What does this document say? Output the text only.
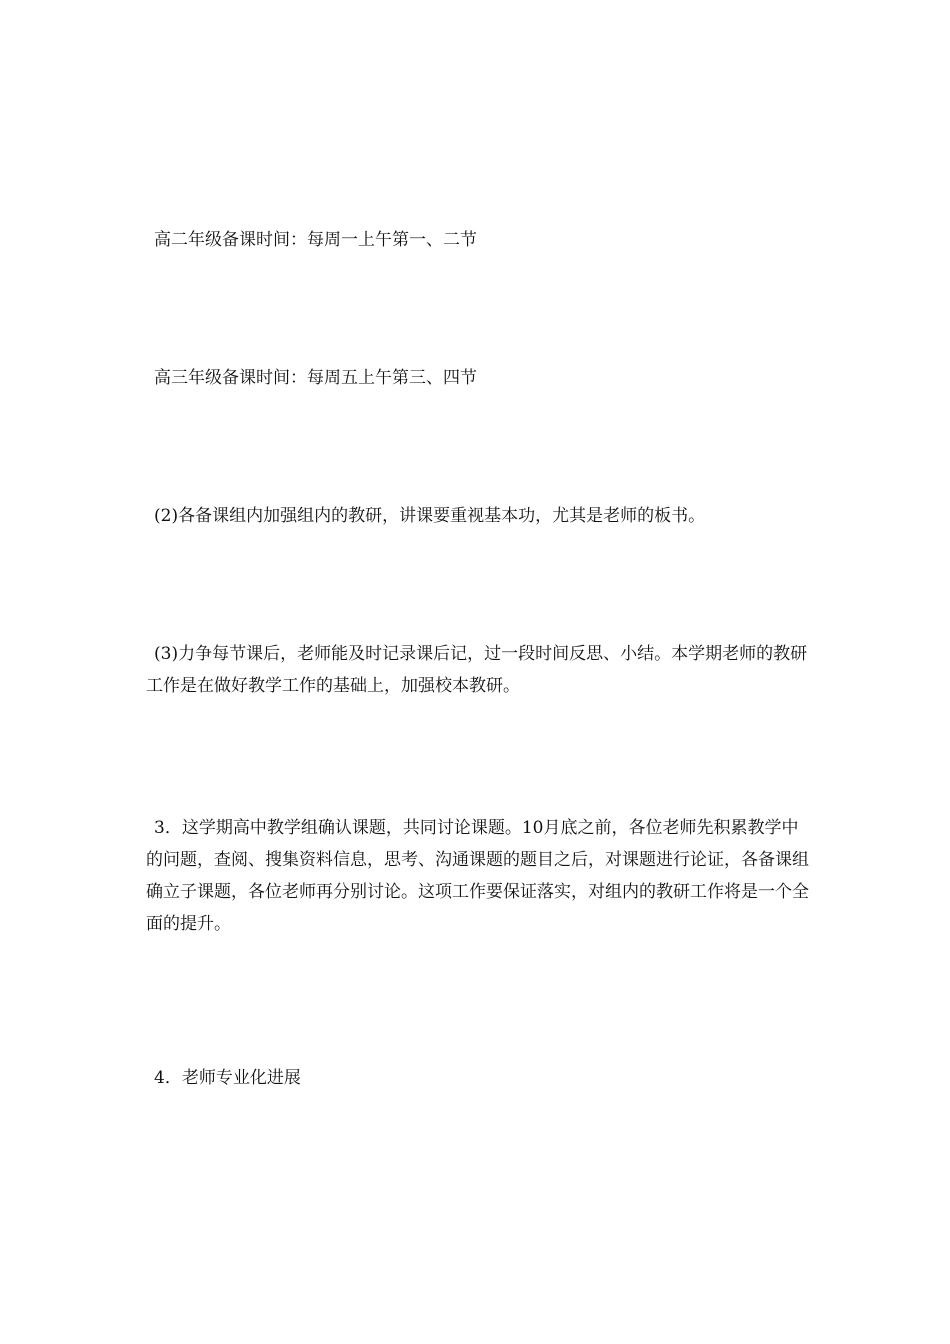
高二年级备课时间：每周一上午第一、二节

高三年级备课时间：每周五上午第三、四节

(2)各备课组内加强组内的教研，讲课要重视基本功，尤其是老师的板书。

(3)力争每节课后，老师能及时记录课后记，过一段时间反思、小结。本学期老师的教研工作是在做好教学工作的基础上，加强校本教研。

3．这学期高中教学组确认课题，共同讨论课题。10月底之前，各位老师先积累教学中的问题，查阅、搜集资料信息，思考、沟通课题的题目之后，对课题进行论证，各备课组确立子课题，各位老师再分别讨论。这项工作要保证落实，对组内的教研工作将是一个全面的提升。

4．老师专业化进展
